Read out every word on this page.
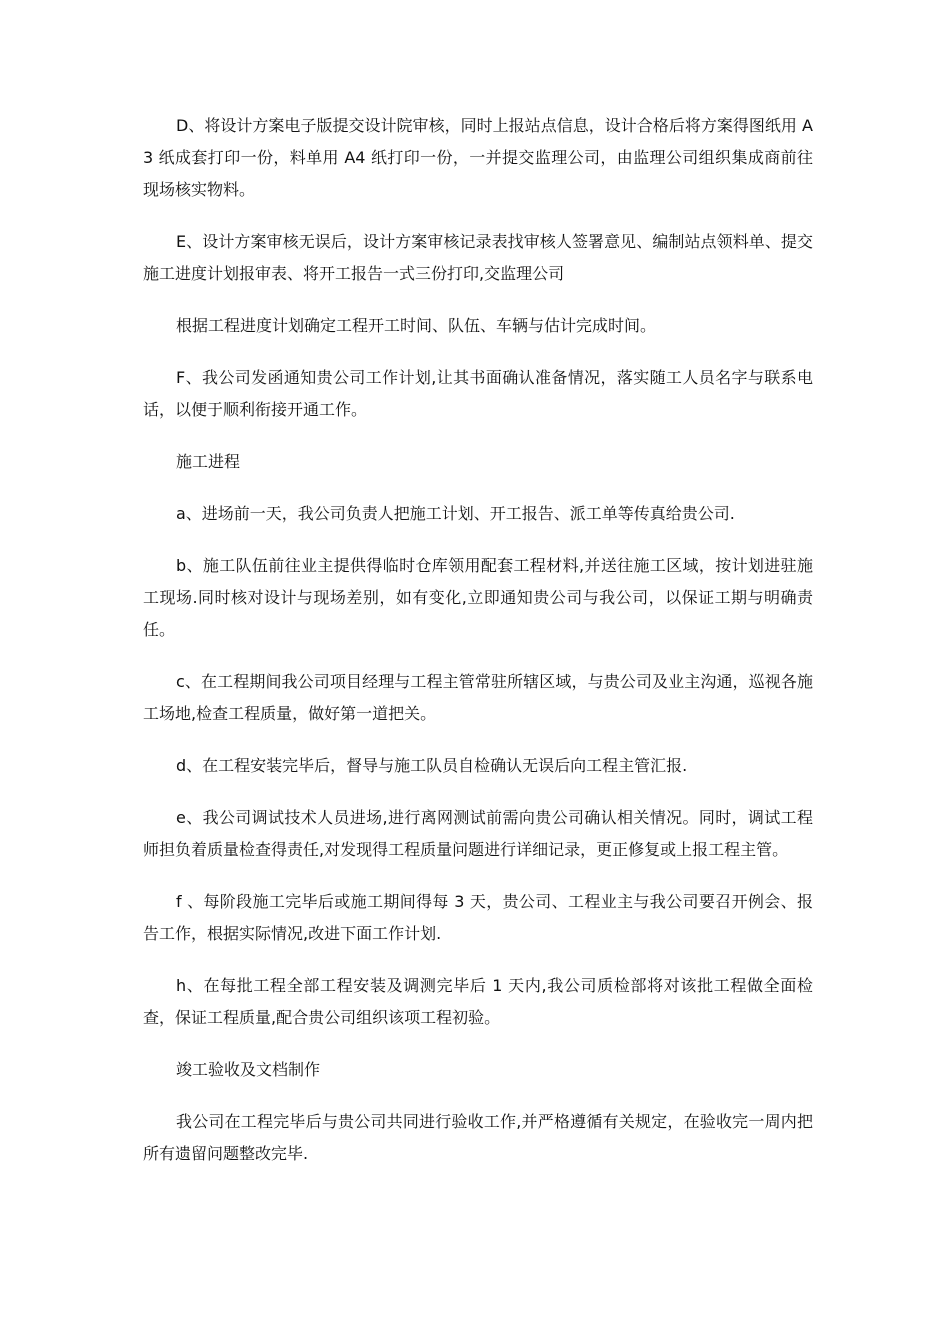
D、将设计方案电子版提交设计院审核，同时上报站点信息，设计合格后将方案得图纸用 A3 纸成套打印一份，料单用 A4 纸打印一份，一并提交监理公司，由监理公司组织集成商前往现场核实物料。

E、设计方案审核无误后，设计方案审核记录表找审核人签署意见、编制站点领料单、提交施工进度计划报审表、将开工报告一式三份打印,交监理公司

根据工程进度计划确定工程开工时间、队伍、车辆与估计完成时间。

F、我公司发函通知贵公司工作计划,让其书面确认准备情况，落实随工人员名字与联系电话，以便于顺利衔接开通工作。

施工进程

a、进场前一天，我公司负责人把施工计划、开工报告、派工单等传真给贵公司.

b、施工队伍前往业主提供得临时仓库领用配套工程材料,并送往施工区域，按计划进驻施工现场.同时核对设计与现场差别，如有变化,立即通知贵公司与我公司，以保证工期与明确责任。

c、在工程期间我公司项目经理与工程主管常驻所辖区域，与贵公司及业主沟通，巡视各施工场地,检查工程质量，做好第一道把关。

d、在工程安装完毕后，督导与施工队员自检确认无误后向工程主管汇报.

e、我公司调试技术人员进场,进行离网测试前需向贵公司确认相关情况。同时，调试工程师担负着质量检查得责任,对发现得工程质量问题进行详细记录，更正修复或上报工程主管。

f 、每阶段施工完毕后或施工期间得每 3 天，贵公司、工程业主与我公司要召开例会、报告工作，根据实际情况,改进下面工作计划.

h、在每批工程全部工程安装及调测完毕后 1 天内,我公司质检部将对该批工程做全面检查，保证工程质量,配合贵公司组织该项工程初验。

竣工验收及文档制作

我公司在工程完毕后与贵公司共同进行验收工作,并严格遵循有关规定，在验收完一周内把所有遗留问题整改完毕.
